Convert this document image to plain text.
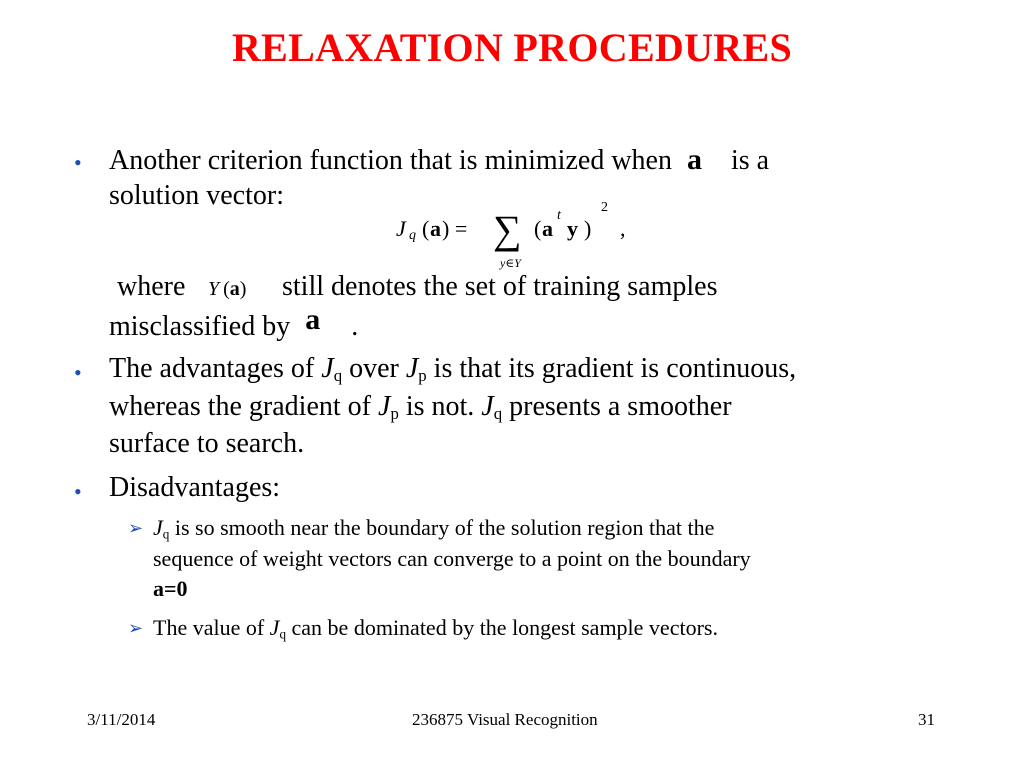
RELAXATION PROCEDURES
• Another criterion function that is minimized when a is a
solution vector:
J q ( a ) = ∑
y∈Y
( a
t
y )
2
,
where Y (a) still denotes the set of training samples
misclassified by a .
• The advantages of $J_q$ over $J_p$ is that its gradient is continuous,
whereas the gradient of $J_p$ is not. $J_q$ presents a smoother
surface to search.
• Disadvantages:
➢ $J_q$ is so smooth near the boundary of the solution region that the
sequence of weight vectors can converge to a point on the boundary
a=0
➢ The value of $J_q$ can be dominated by the longest sample vectors.
3/11/2014	236875 Visual Recognition	31
